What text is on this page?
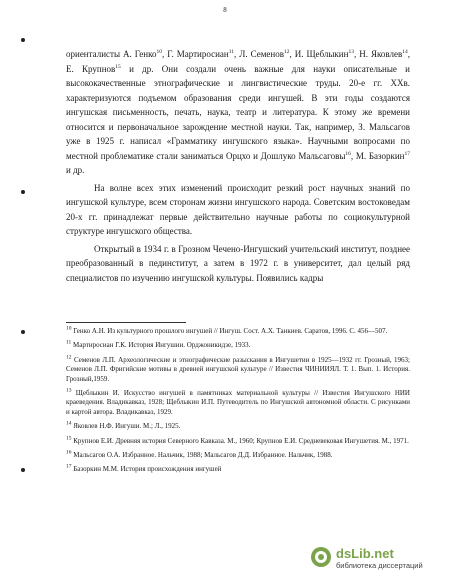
8

ориенталисты А. Генко$^{10}$, Г. Мартиросиан$^{11}$, Л. Семенов$^{12}$, И. Щеблыкин$^{13}$, Н. Яковлев$^{14}$, Е. Крупнов$^{15}$ и др. Они создали очень важные для науки описательные и высококачественные этнографические и лингвистические труды. 20-е гг. XXв. характеризуются подъемом образования среди ингушей. В эти годы создаются ингушская письменность, печать, наука, театр и литература. К этому же времени относится и первоначальное зарождение местной науки. Так, например, З. Мальсагов уже в 1925 г. написал «Грамматику ингушского языка». Научными вопросами по местной проблематике стали заниматься Орцхо и Дошлуко Мальсаговы$^{16}$, М. Базоркин$^{17}$ и др.

На волне всех этих изменений происходит резкий рост научных знаний по ингушской культуре, всем сторонам жизни ингушского народа. Советским востоковедам 20-х гг. принадлежат первые действительно научные работы по социокультурной структуре ингушского общества.

Открытый в 1934 г. в Грозном Чечено-Ингушский учительский институт, позднее преобразованный в пединститут, а затем в 1972 г. в университет, дал целый ряд специалистов по изучению ингушской культуры. Появились кадры

$^{10}$ Генко А.Н. Из культурного прошлого ингушей // Ингуш. Сост. А.Х. Танкиев. Саратов, 1996. С. 456—507.

$^{11}$ Мартиросиан Г.К. История Ингушии. Орджоникидзе, 1933.

$^{12}$ Семенов Л.П. Археологические и этнографические разыскания в Ингушетии в 1925—1932 гг. Грозный, 1963; Семенов Л.П. Фригийские мотивы в древней ингушской культуре // Известия ЧИНИИЯЛ. Т. 1. Вып. 1. История. Грозный,1959.

$^{13}$ Щеблыкин И. Искусство ингушей в памятниках материальной культуры // Известия Ингушского НИИ краеведения. Владикавказ, 1928; Щеблыкин И.П. Путеводитель по Ингушской автономной области. С рисунками и картой автора. Владикавказ, 1929.

$^{14}$ Яковлев Н.Ф. Ингуши. М.; Л., 1925.

$^{15}$ Крупнов Е.И. Древняя история Северного Кавказа. М., 1960; Крупнов Е.И. Средневековая Ингушетия. М., 1971.

$^{16}$ Мальсагов О.А. Избранное. Нальчик, 1988; Мальсагов Д.Д. Избранное. Нальчик, 1988.

$^{17}$ Базоркин М.М. История происхождения ингушей

dsLib.net
библиотека диссертаций
